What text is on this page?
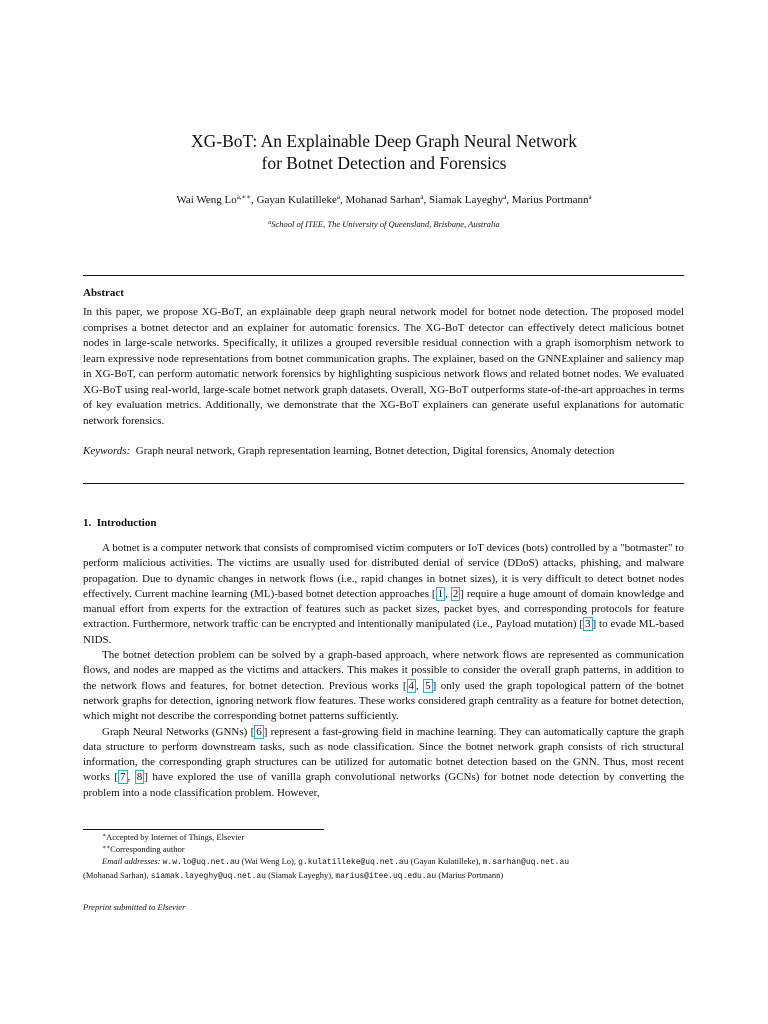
XG-BoT: An Explainable Deep Graph Neural Network
for Botnet Detection and Forensics
Wai Weng $Lo^{a,∗∗}$, Gayan Kulatilleke$^a$, Mohanad Sarhan$^a$, Siamak Layeghy$^a$, Marius Portmann$^a$
$^a$School of ITEE, The University of Queensland, Brisbane, Australia
Abstract
In this paper, we propose XG-BoT, an explainable deep graph neural network model for botnet node detection. The proposed model comprises a botnet detector and an explainer for automatic forensics. The XG-BoT detector can effectively detect malicious botnet nodes in large-scale networks. Specifically, it utilizes a grouped reversible residual connection with a graph isomorphism network to learn expressive node representations from botnet communication graphs. The explainer, based on the GNNExplainer and saliency map in XG-BoT, can perform automatic network forensics by highlighting suspicious network flows and related botnet nodes. We evaluated XG-BoT using real-world, large-scale botnet network graph datasets. Overall, XG-BoT outperforms state-of-the-art approaches in terms of key evaluation metrics. Additionally, we demonstrate that the XG-BoT explainers can generate useful explanations for automatic network forensics.
Keywords: Graph neural network, Graph representation learning, Botnet detection, Digital forensics, Anomaly detection
1. Introduction

A botnet is a computer network that consists of compromised victim computers or IoT devices (bots) controlled by a "botmaster" to perform malicious activities. The victims are usually used for distributed denial of service (DDoS) attacks, phishing, and malware propagation. Due to dynamic changes in network flows (i.e., rapid changes in botnet sizes), it is very difficult to detect botnet nodes effectively. Current machine learning (ML)-based botnet detection approaches [ 1 , 2 ] require a huge amount of domain knowledge and manual effort from experts for the extraction of features such as packet sizes, packet byes, and corresponding protocols for feature extraction. Furthermore, network traffic can be encrypted and intentionally manipulated (i.e., Payload mutation) [ 3 ] to evade ML-based NIDS.

The botnet detection problem can be solved by a graph-based approach, where network flows are represented as communication flows, and nodes are mapped as the victims and attackers. This makes it possible to consider the overall graph patterns, in addition to the network flows and features, for botnet detection. Previous works [ 4 , 5 ] only used the graph topological pattern of the botnet network graphs for detection, ignoring network flow features. These works considered graph centrality as a feature for botnet detection, which might not describe the corresponding botnet patterns sufficiently.

Graph Neural Networks (GNNs) [ 6 ] represent a fast-growing field in machine learning. They can automatically capture the graph data structure to perform downstream tasks, such as node classification. Since the botnet network graph consists of rich structural information, the corresponding graph structures can be utilized for automatic botnet detection based on the GNN. Thus, most recent works [ 7 , 8 ] have explored the use of vanilla graph convolutional networks (GCNs) for botnet node detection by converting the problem into a node classification problem. However,

∗Accepted by Internet of Things, Elsevier
∗∗Corresponding author
Email addresses: w.w.lo@uq.net.au (Wai Weng Lo), g.kulatilleke@uq.net.au (Gayan Kulatilleke), m.sarhan@uq.net.au
(Mohanad Sarhan), siamak.layeghy@uq.net.au (Siamak Layeghy), marius@itee.uq.edu.au (Marius Portmann)
Preprint submitted to Elsevier
